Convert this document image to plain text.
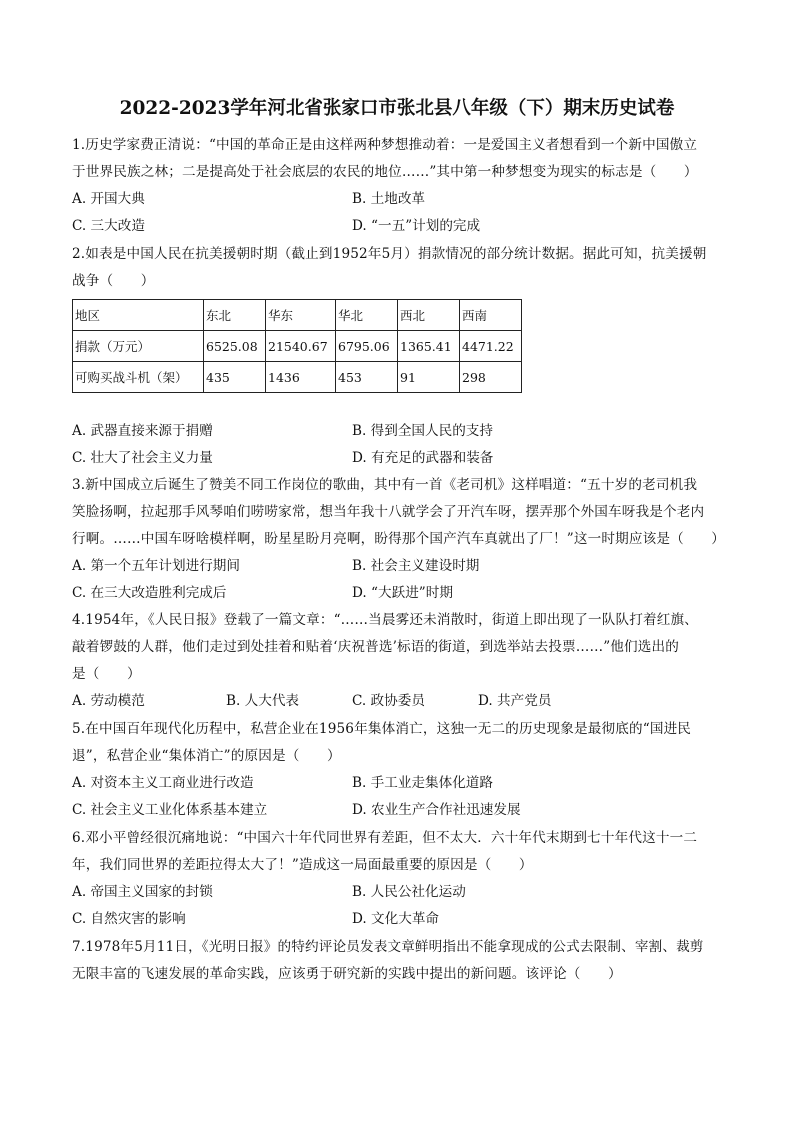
2022-2023学年河北省张家口市张北县八年级（下）期末历史试卷
1.历史学家费正清说：“中国的革命正是由这样两种梦想推动着：一是爱国主义者想看到一个新中国傲立
于世界民族之林；二是提高处于社会底层的农民的地位……”其中第一种梦想变为现实的标志是（　　）
A. 开国大典	B. 土地改革
C. 三大改造	D. “一五”计划的完成
2.如表是中国人民在抗美援朝时期（截止到1952年5月）捐款情况的部分统计数据。据此可知，抗美援朝
战争（　　）
地区	东北	华东	华北	西北	西南
捐款（万元）	6525.08	21540.67	6795.06	1365.41	4471.22
可购买战斗机（架）	435	1436	453	91	298
A. 武器直接来源于捐赠	B. 得到全国人民的支持
C. 壮大了社会主义力量	D. 有充足的武器和装备
3.新中国成立后诞生了赞美不同工作岗位的歌曲，其中有一首《老司机》这样唱道：“五十岁的老司机我
笑脸扬啊，拉起那手风琴咱们唠唠家常，想当年我十八就学会了开汽车呀，摆弄那个外国车呀我是个老内
行啊。……中国车呀啥模样啊，盼星星盼月亮啊，盼得那个国产汽车真就出了厂！”这一时期应该是（　　）
A. 第一个五年计划进行期间	B. 社会主义建设时期
C. 在三大改造胜利完成后	D. “大跃进”时期
4.1954年，《人民日报》登载了一篇文章：“……当晨雾还未消散时，街道上即出现了一队队打着红旗、
敲着锣鼓的人群，他们走过到处挂着和贴着‘庆祝普选’标语的街道，到选举站去投票……”他们选出的
是（　　）
A. 劳动模范	B. 人大代表	C. 政协委员	D. 共产党员
5.在中国百年现代化历程中，私营企业在1956年集体消亡，这独一无二的历史现象是最彻底的“国进民
退”，私营企业“集体消亡”的原因是（　　）
A. 对资本主义工商业进行改造	B. 手工业走集体化道路
C. 社会主义工业化体系基本建立	D. 农业生产合作社迅速发展
6.邓小平曾经很沉痛地说：“中国六十年代同世界有差距，但不太大．六十年代末期到七十年代这十一二
年，我们同世界的差距拉得太大了！”造成这一局面最重要的原因是（　　）
A. 帝国主义国家的封锁	B. 人民公社化运动
C. 自然灾害的影响	D. 文化大革命
7.1978年5月11日，《光明日报》的特约评论员发表文章鲜明指出不能拿现成的公式去限制、宰割、裁剪
无限丰富的飞速发展的革命实践，应该勇于研究新的实践中提出的新问题。该评论（　　）
